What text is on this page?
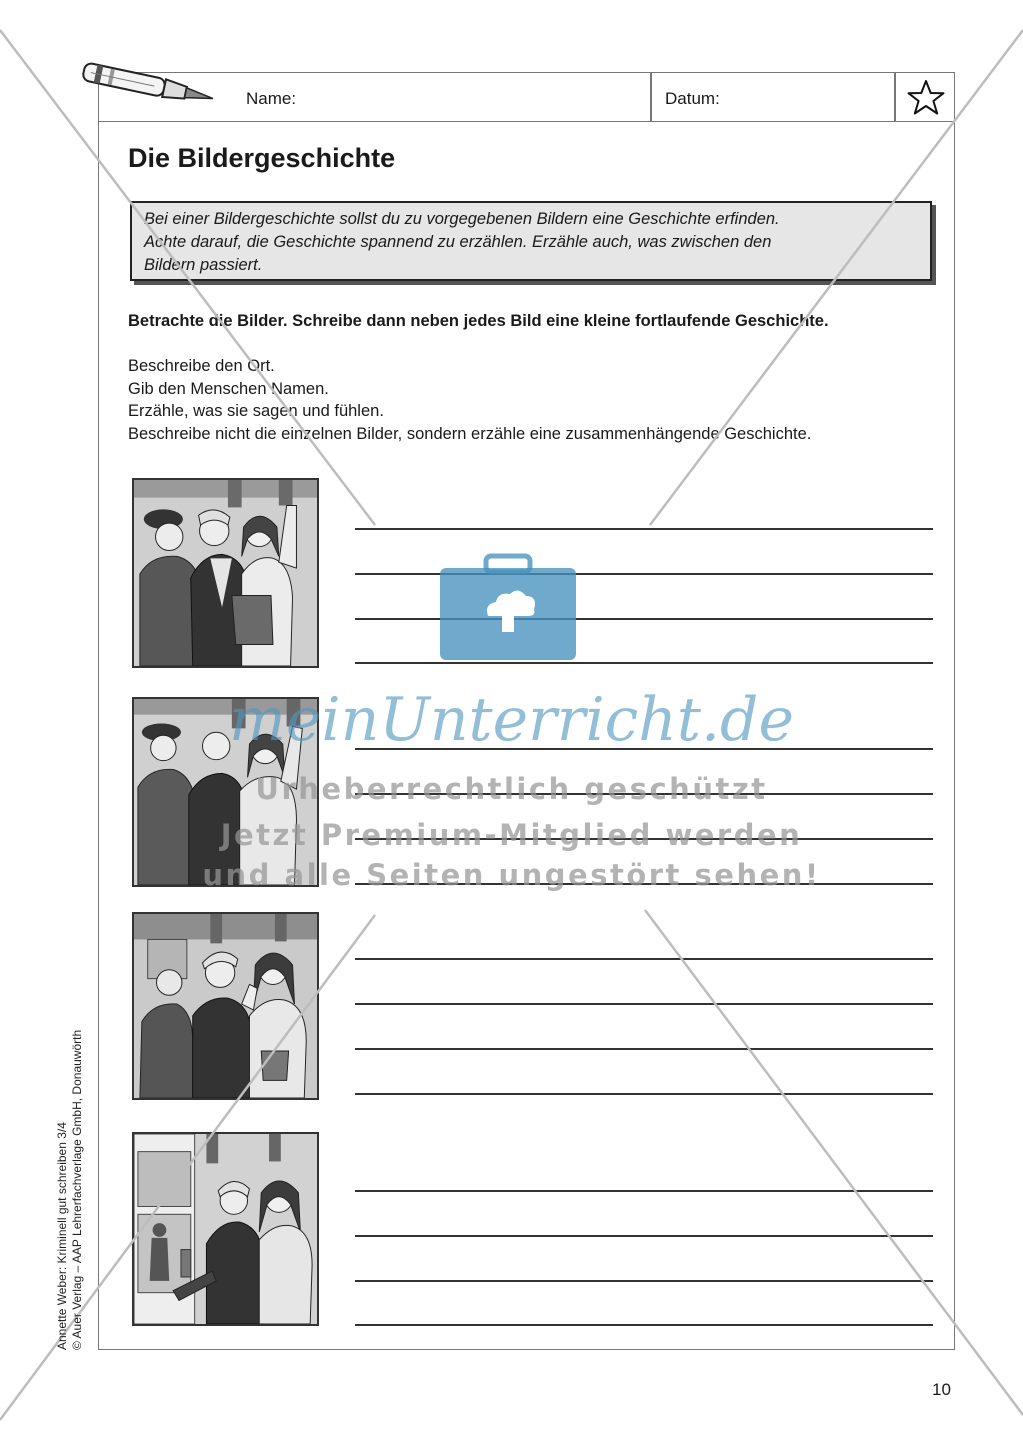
Name:	Datum:
Die Bildergeschichte
Bei einer Bildergeschichte sollst du zu vorgegebenen Bildern eine Geschichte erfinden.
Achte darauf, die Geschichte spannend zu erzählen. Erzähle auch, was zwischen den
Bildern passiert.

Betrachte die Bilder. Schreibe dann neben jedes Bild eine kleine fortlaufende Geschichte.

Beschreibe den Ort.
Gib den Menschen Namen.
Erzähle, was sie sagen und fühlen.
Beschreibe nicht die einzelnen Bilder, sondern erzähle eine zusammenhängende Geschichte.
meinUnterricht.de
Urheberrechtlich geschützt
Jetzt Premium-Mitglied werden
und alle Seiten ungestört sehen!
Annette Weber: Kriminell gut schreiben 3/4 © Auer Verlag – AAP Lehrerfachverlage GmbH, Donauwörth
10
